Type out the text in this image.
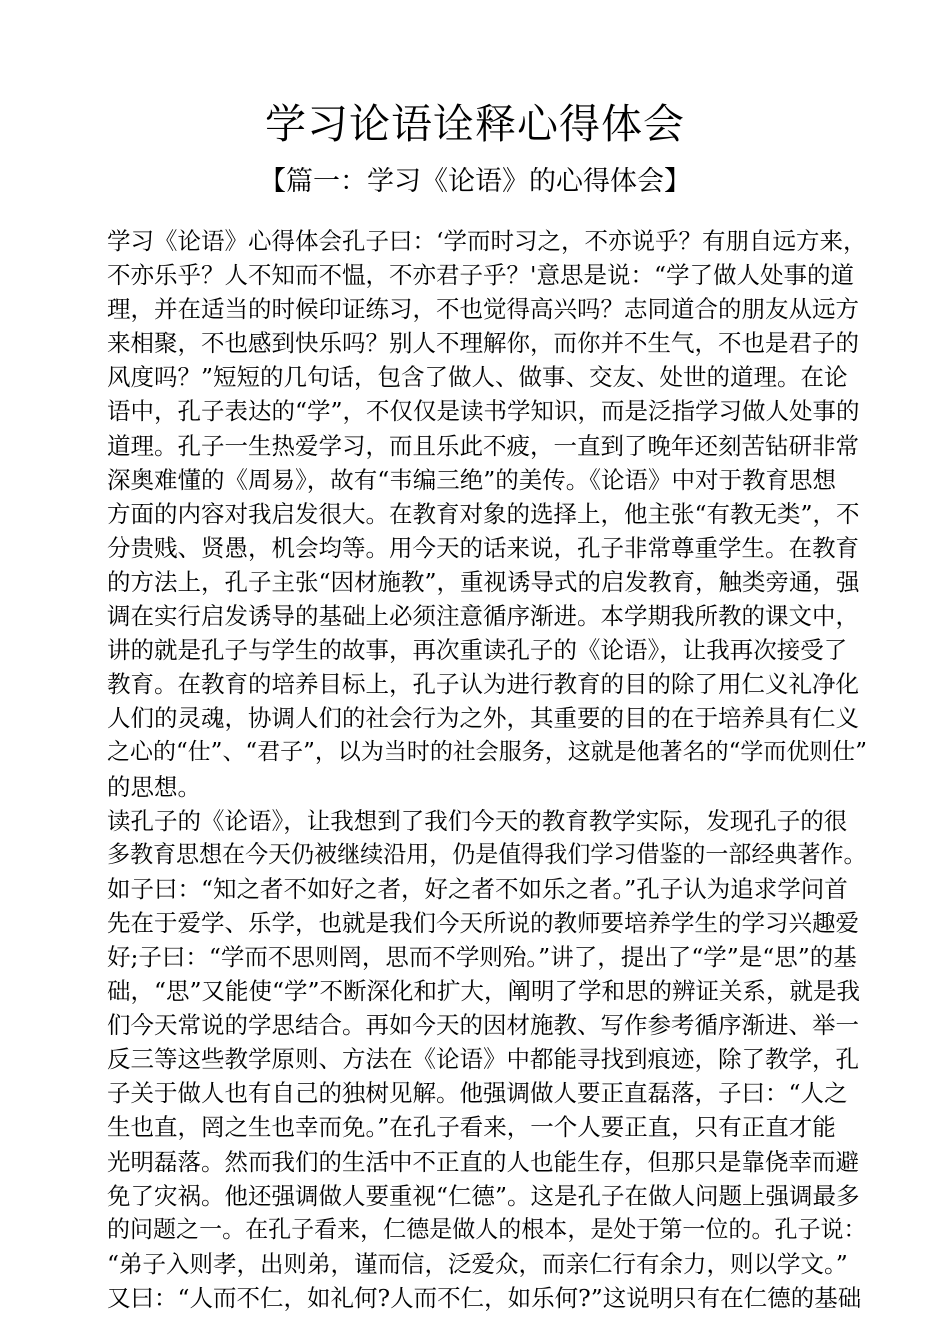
学习论语诠释心得体会
【篇一：学习《论语》的心得体会】
学习《论语》心得体会孔子曰：‘学而时习之，不亦说乎？有朋自远方来，
不亦乐乎？人不知而不愠，不亦君子乎？'意思是说：“学了做人处事的道
理，并在适当的时候印证练习，不也觉得高兴吗？志同道合的朋友从远方
来相聚，不也感到快乐吗？别人不理解你，而你并不生气，不也是君子的
风度吗？”短短的几句话，包含了做人、做事、交友、处世的道理。在论
语中，孔子表达的“学”，不仅仅是读书学知识，而是泛指学习做人处事的
道理。孔子一生热爱学习，而且乐此不疲，一直到了晚年还刻苦钻研非常
深奥难懂的《周易》，故有“韦编三绝”的美传。《论语》中对于教育思想
方面的内容对我启发很大。在教育对象的选择上，他主张“有教无类”，不
分贵贱、贤愚，机会均等。用今天的话来说，孔子非常尊重学生。在教育
的方法上，孔子主张“因材施教”，重视诱导式的启发教育，触类旁通，强
调在实行启发诱导的基础上必须注意循序渐进。本学期我所教的课文中，
讲的就是孔子与学生的故事，再次重读孔子的《论语》，让我再次接受了
教育。在教育的培养目标上，孔子认为进行教育的目的除了用仁义礼净化
人们的灵魂，协调人们的社会行为之外，其重要的目的在于培养具有仁义
之心的“仕”、“君子”，以为当时的社会服务，这就是他著名的“学而优则仕”
的思想。
读孔子的《论语》，让我想到了我们今天的教育教学实际，发现孔子的很
多教育思想在今天仍被继续沿用，仍是值得我们学习借鉴的一部经典著作。
如子曰：“知之者不如好之者，好之者不如乐之者。”孔子认为追求学问首
先在于爱学、乐学，也就是我们今天所说的教师要培养学生的学习兴趣爱
好;子曰：“学而不思则罔，思而不学则殆。”讲了，提出了“学”是“思”的基
础，“思”又能使“学”不断深化和扩大，阐明了学和思的辨证关系，就是我
们今天常说的学思结合。再如今天的因材施教、写作参考循序渐进、举一
反三等这些教学原则、方法在《论语》中都能寻找到痕迹，除了教学，孔
子关于做人也有自己的独树见解。他强调做人要正直磊落，子曰：“人之
生也直，罔之生也幸而免。”在孔子看来，一个人要正直，只有正直才能
光明磊落。然而我们的生活中不正直的人也能生存，但那只是靠侥幸而避
免了灾祸。他还强调做人要重视“仁德”。这是孔子在做人问题上强调最多
的问题之一。在孔子看来，仁德是做人的根本，是处于第一位的。孔子说：
“弟子入则孝，出则弟，谨而信，泛爱众，而亲仁行有余力，则以学文。”
又曰：“人而不仁，如礼何?人而不仁，如乐何?”这说明只有在仁德的基础
